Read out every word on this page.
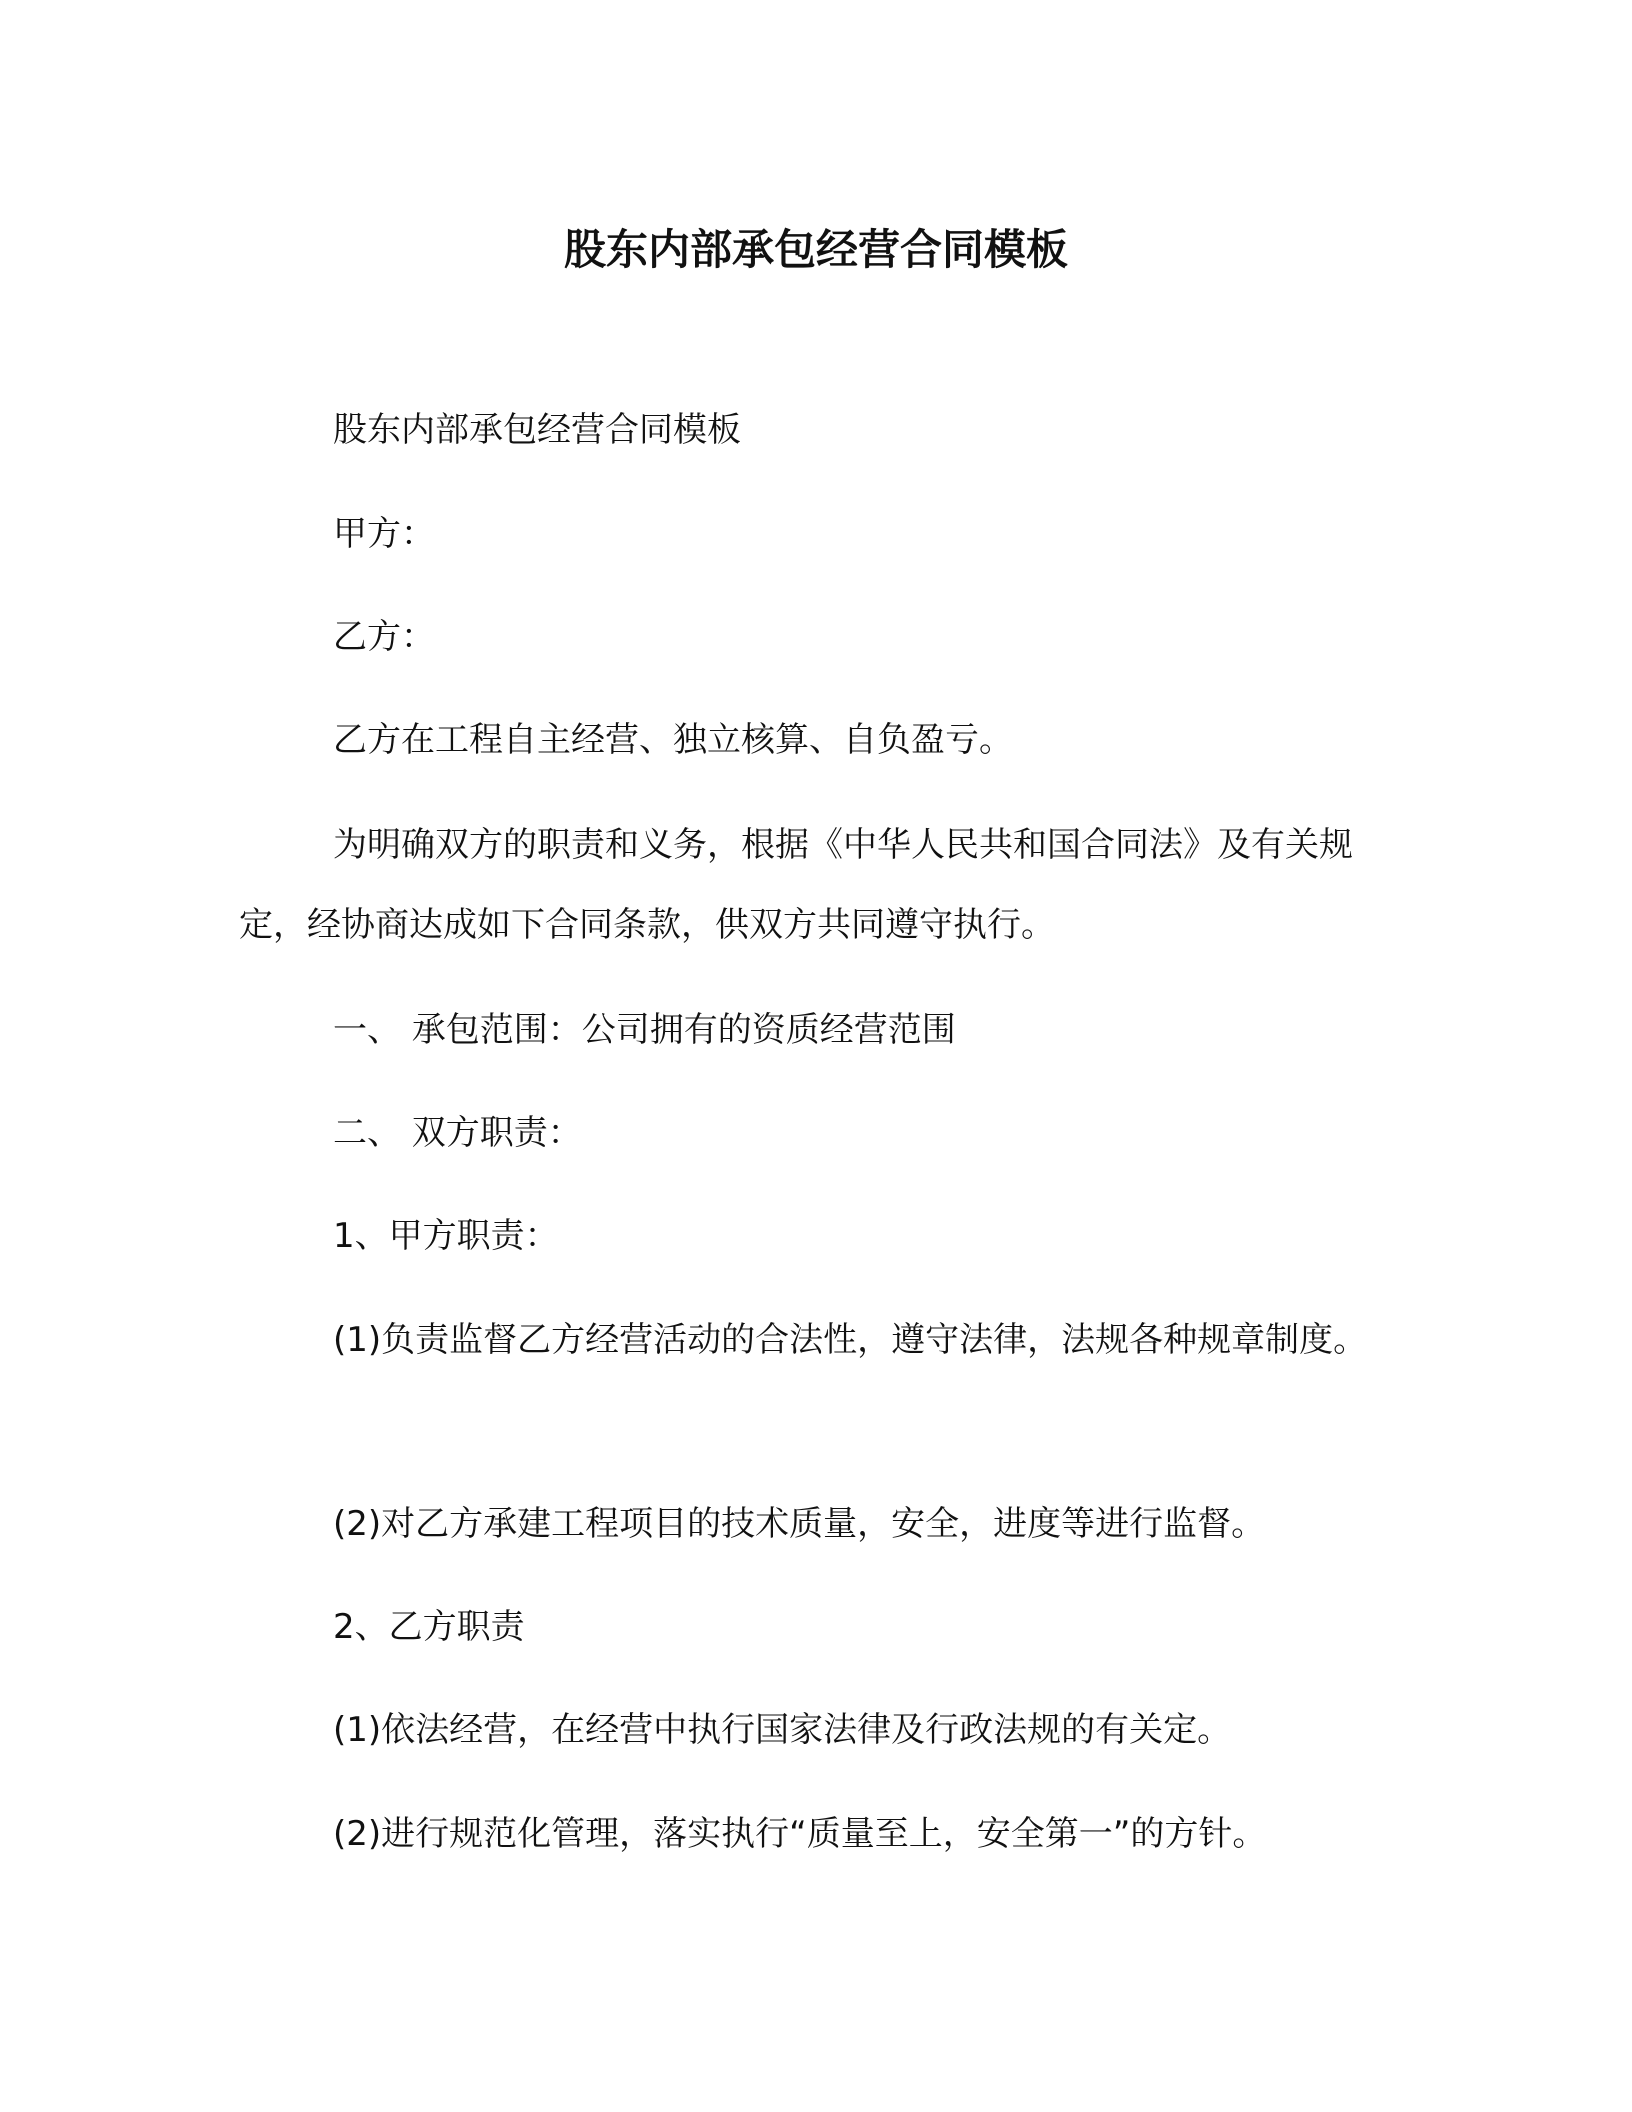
股东内部承包经营合同模板

股东内部承包经营合同模板

甲方：

乙方：

乙方在工程自主经营、独立核算、自负盈亏。

为明确双方的职责和义务，根据《中华人民共和国合同法》及有关规定，经协商达成如下合同条款，供双方共同遵守执行。

一、 承包范围：公司拥有的资质经营范围

二、 双方职责：

1、甲方职责：

(1)负责监督乙方经营活动的合法性，遵守法律，法规各种规章制度。

(2)对乙方承建工程项目的技术质量，安全，进度等进行监督。

2、乙方职责

(1)依法经营，在经营中执行国家法律及行政法规的有关定。

(2)进行规范化管理，落实执行“质量至上，安全第一”的方针。
